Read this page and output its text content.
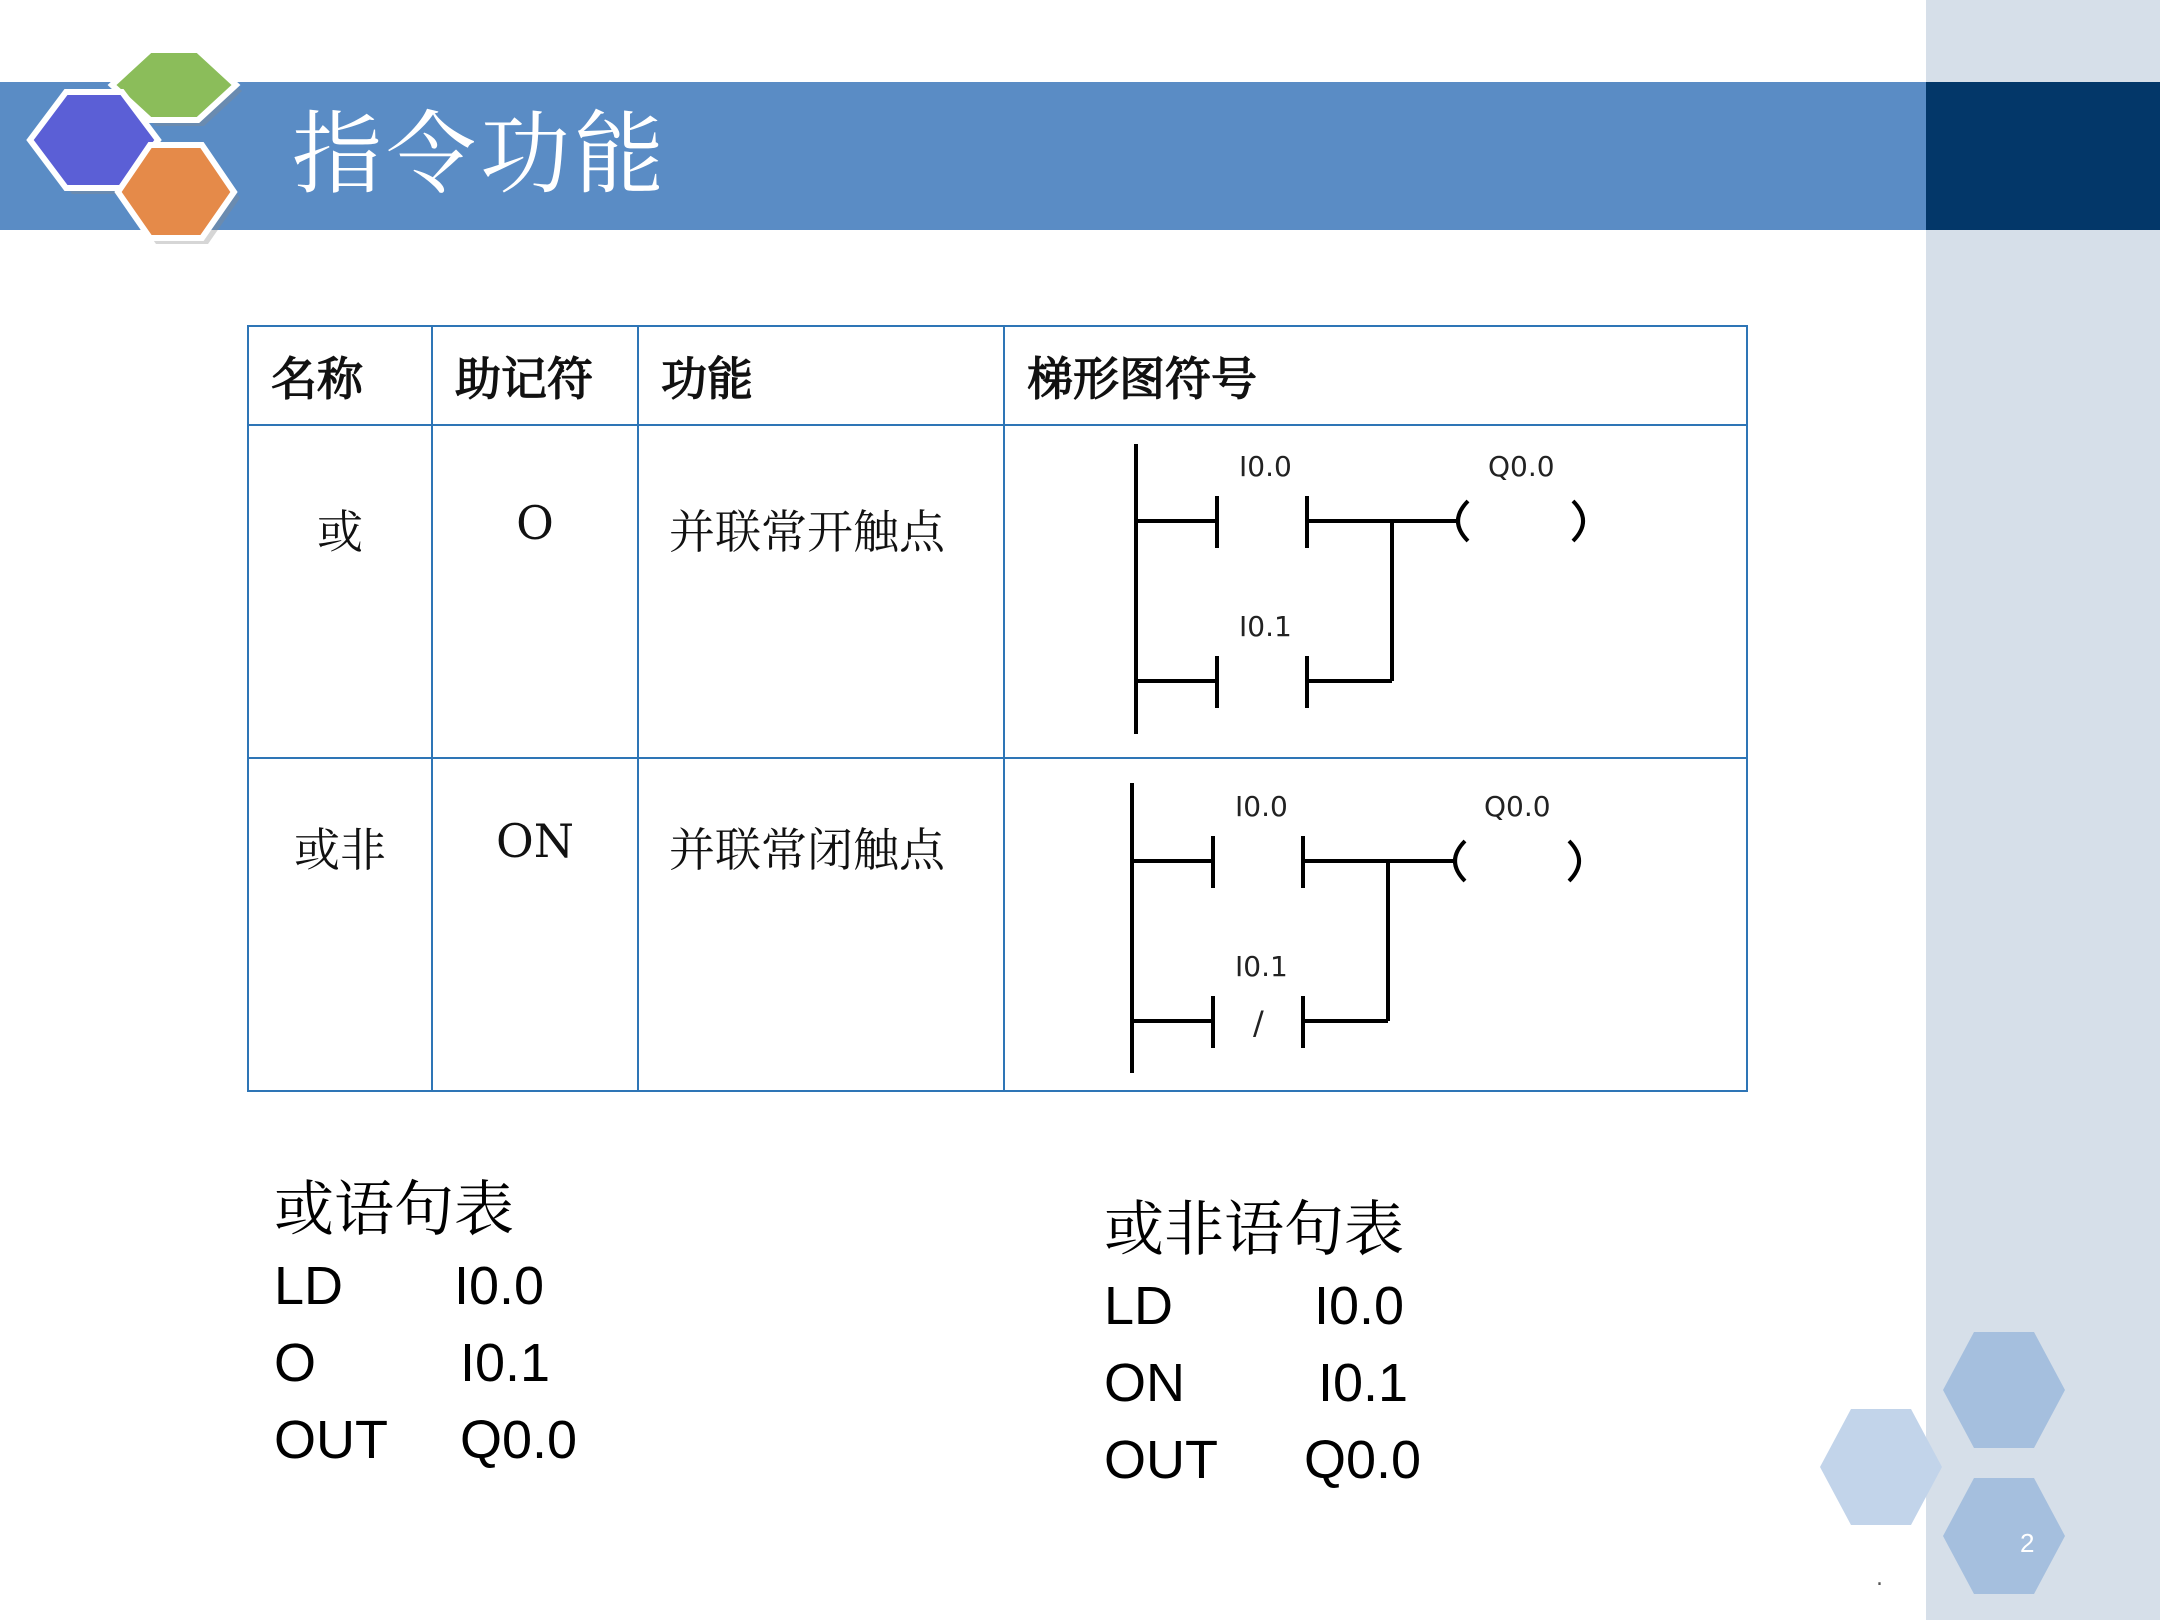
指令功能
名称	助记符	功能	梯形图符号

或	O	并联常开触点	I0.0
I0.1
Q0.0

或非	ON	并联常闭触点	I0.0
I0.1
Q0.0
/
或语句表
LD I0.0
O	I0.1
OUT Q0.0
或非语句表
LD	I0.0
ON I0.1
OUT Q0.0
2
.
